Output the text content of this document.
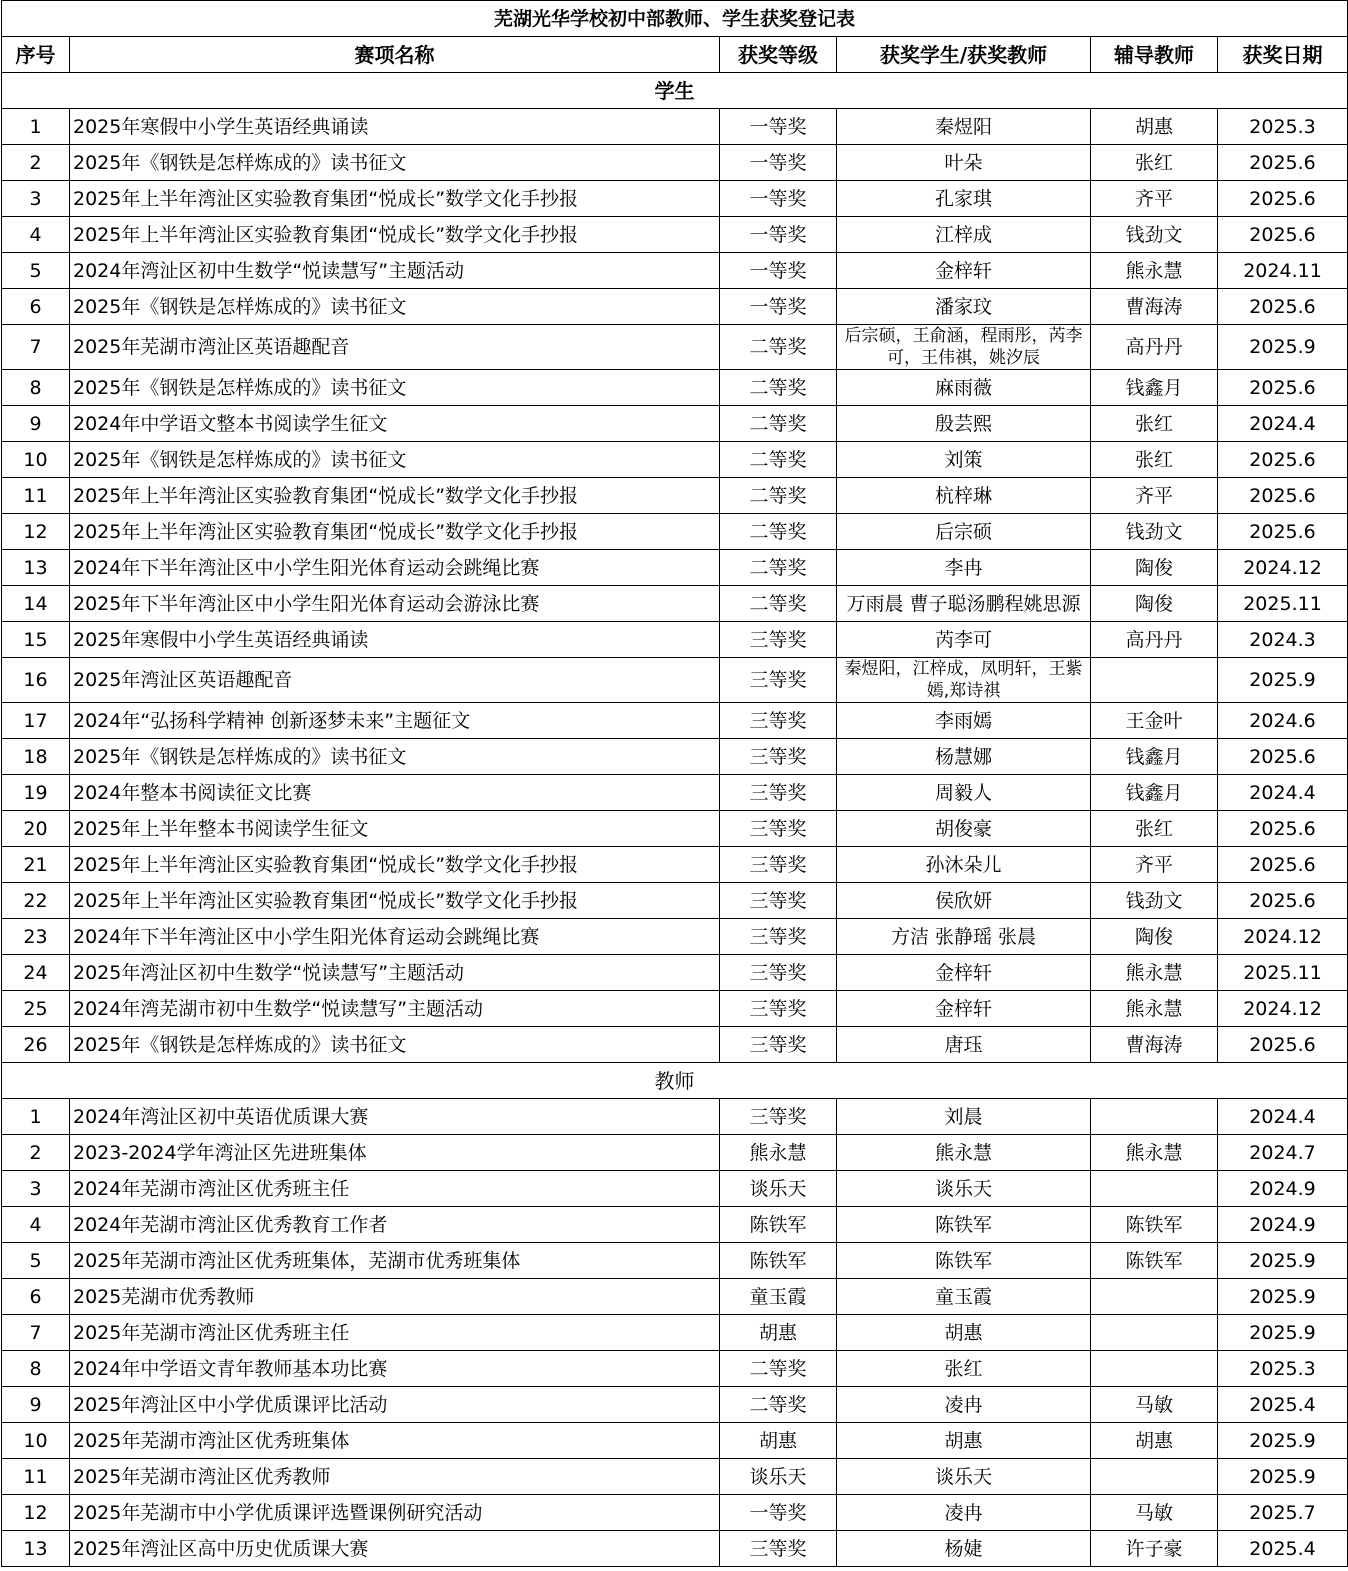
芜湖光华学校初中部教师、学生获奖登记表					
序号	赛项名称	获奖等级	获奖学生/获奖教师	辅导教师	获奖日期
学生					
1	2025年寒假中小学生英语经典诵读	一等奖	秦煜阳	胡惠	2025.3
2	2025年《钢铁是怎样炼成的》读书征文	一等奖	叶朵	张红	2025.6
3	2025年上半年湾沚区实验教育集团“悦成长”数学文化手抄报	一等奖	孔家琪	齐平	2025.6
4	2025年上半年湾沚区实验教育集团“悦成长”数学文化手抄报	一等奖	江梓成	钱劲文	2025.6
5	2024年湾沚区初中生数学“悦读慧写”主题活动	一等奖	金梓轩	熊永慧	2024.11
6	2025年《钢铁是怎样炼成的》读书征文	一等奖	潘家玟	曹海涛	2025.6
7	2025年芜湖市湾沚区英语趣配音	二等奖	后宗硕，王俞涵，程雨彤，芮李可，王伟祺，姚汐辰	高丹丹	2025.9
8	2025年《钢铁是怎样炼成的》读书征文	二等奖	麻雨薇	钱鑫月	2025.6
9	2024年中学语文整本书阅读学生征文	二等奖	殷芸熙	张红	2024.4
10	2025年《钢铁是怎样炼成的》读书征文	二等奖	刘策	张红	2025.6
11	2025年上半年湾沚区实验教育集团“悦成长”数学文化手抄报	二等奖	杭梓琳	齐平	2025.6
12	2025年上半年湾沚区实验教育集团“悦成长”数学文化手抄报	二等奖	后宗硕	钱劲文	2025.6
13	2024年下半年湾沚区中小学生阳光体育运动会跳绳比赛	二等奖	李冉	陶俊	2024.12
14	2025年下半年湾沚区中小学生阳光体育运动会游泳比赛	二等奖	万雨晨 曹子聪汤鹏程姚思源	陶俊	2025.11
15	2025年寒假中小学生英语经典诵读	三等奖	芮李可	高丹丹	2024.3
16	2025年湾沚区英语趣配音	三等奖	秦煜阳，江梓成，凤明轩，王紫嫣,郑诗祺		2025.9
17	2024年“弘扬科学精神 创新逐梦未来”主题征文	三等奖	李雨嫣	王金叶	2024.6
18	2025年《钢铁是怎样炼成的》读书征文	三等奖	杨慧娜	钱鑫月	2025.6
19	2024年整本书阅读征文比赛	三等奖	周毅人	钱鑫月	2024.4
20	2025年上半年整本书阅读学生征文	三等奖	胡俊豪	张红	2025.6
21	2025年上半年湾沚区实验教育集团“悦成长”数学文化手抄报	三等奖	孙沐朵儿	齐平	2025.6
22	2025年上半年湾沚区实验教育集团“悦成长”数学文化手抄报	三等奖	侯欣妍	钱劲文	2025.6
23	2024年下半年湾沚区中小学生阳光体育运动会跳绳比赛	三等奖	方洁 张静瑶 张晨	陶俊	2024.12
24	2025年湾沚区初中生数学“悦读慧写”主题活动	三等奖	金梓轩	熊永慧	2025.11
25	2024年湾芜湖市初中生数学“悦读慧写”主题活动	三等奖	金梓轩	熊永慧	2024.12
26	2025年《钢铁是怎样炼成的》读书征文	三等奖	唐珏	曹海涛	2025.6
教师					
1	2024年湾沚区初中英语优质课大赛	三等奖	刘晨		2024.4
2	2023-2024学年湾沚区先进班集体	熊永慧	熊永慧	熊永慧	2024.7
3	2024年芜湖市湾沚区优秀班主任	谈乐天	谈乐天		2024.9
4	2024年芜湖市湾沚区优秀教育工作者	陈铁军	陈铁军	陈铁军	2024.9
5	2025年芜湖市湾沚区优秀班集体，芜湖市优秀班集体	陈铁军	陈铁军	陈铁军	2025.9
6	2025芜湖市优秀教师	童玉霞	童玉霞		2025.9
7	2025年芜湖市湾沚区优秀班主任	胡惠	胡惠		2025.9
8	2024年中学语文青年教师基本功比赛	二等奖	张红		2025.3
9	2025年湾沚区中小学优质课评比活动	二等奖	凌冉	马敏	2025.4
10	2025年芜湖市湾沚区优秀班集体	胡惠	胡惠	胡惠	2025.9
11	2025年芜湖市湾沚区优秀教师	谈乐天	谈乐天		2025.9
12	2025年芜湖市中小学优质课评选暨课例研究活动	一等奖	凌冉	马敏	2025.7
13	2025年湾沚区高中历史优质课大赛	三等奖	杨婕	许子豪	2025.4
